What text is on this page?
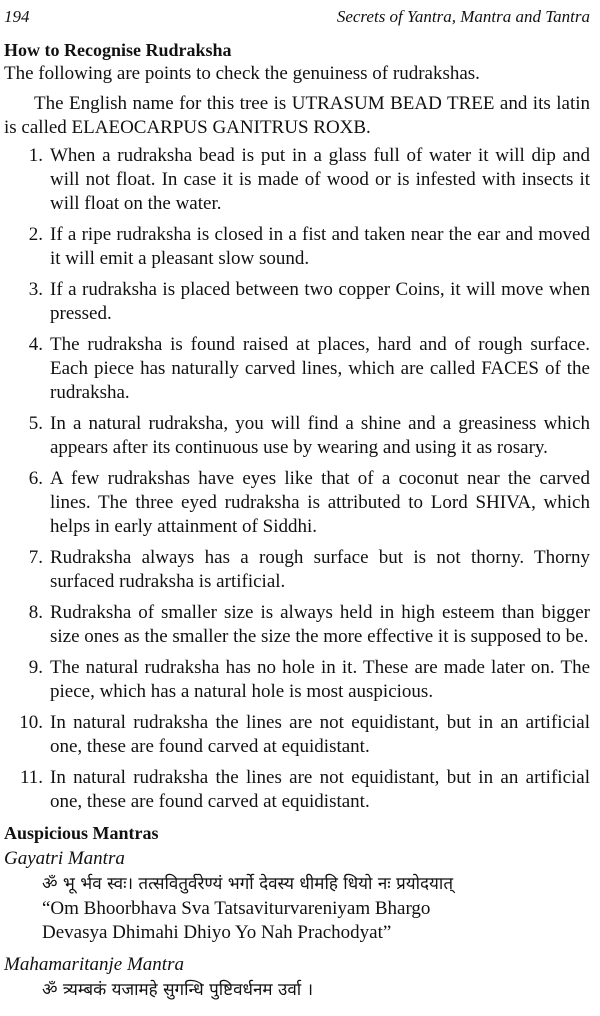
194	Secrets of Yantra, Mantra and Tantra
How to Recognise Rudraksha
The following are points to check the genuiness of rudrakshas.
The English name for this tree is UTRASUM BEAD TREE and its latin is called ELAEOCARPUS GANITRUS ROXB.
1. When a rudraksha bead is put in a glass full of water it will dip and will not float. In case it is made of wood or is infested with insects it will float on the water.
2. If a ripe rudraksha is closed in a fist and taken near the ear and moved it will emit a pleasant slow sound.
3. If a rudraksha is placed between two copper Coins, it will move when pressed.
4. The rudraksha is found raised at places, hard and of rough surface. Each piece has naturally carved lines, which are called FACES of the rudraksha.
5. In a natural rudraksha, you will find a shine and a greasiness which appears after its continuous use by wearing and using it as rosary.
6. A few rudrakshas have eyes like that of a coconut near the carved lines. The three eyed rudraksha is attributed to Lord SHIVA, which helps in early attainment of Siddhi.
7. Rudraksha always has a rough surface but is not thorny. Thorny surfaced rudraksha is artificial.
8. Rudraksha of smaller size is always held in high esteem than bigger size ones as the smaller the size the more effective it is supposed to be.
9. The natural rudraksha has no hole in it. These are made later on. The piece, which has a natural hole is most auspicious.
10. In natural rudraksha the lines are not equidistant, but in an artificial one, these are found carved at equidistant.
11. In natural rudraksha the lines are not equidistant, but in an artificial one, these are found carved at equidistant.
Auspicious Mantras
Gayatri Mantra
ॐ भू र्भव स्वः। तत्सवितुर्वरेण्यं भर्गो देवस्य धीमहि धियो नः प्रयोदयात्
“Om Bhoorbhava Sva Tatsaviturvareniyam Bhargo
Devasya Dhimahi Dhiyo Yo Nah Prachodyat”
Mahamaritanje Mantra
ॐ त्र्यम्बकं यजामहे सुगन्धि पुष्टिवर्धनम उर्वा ।
